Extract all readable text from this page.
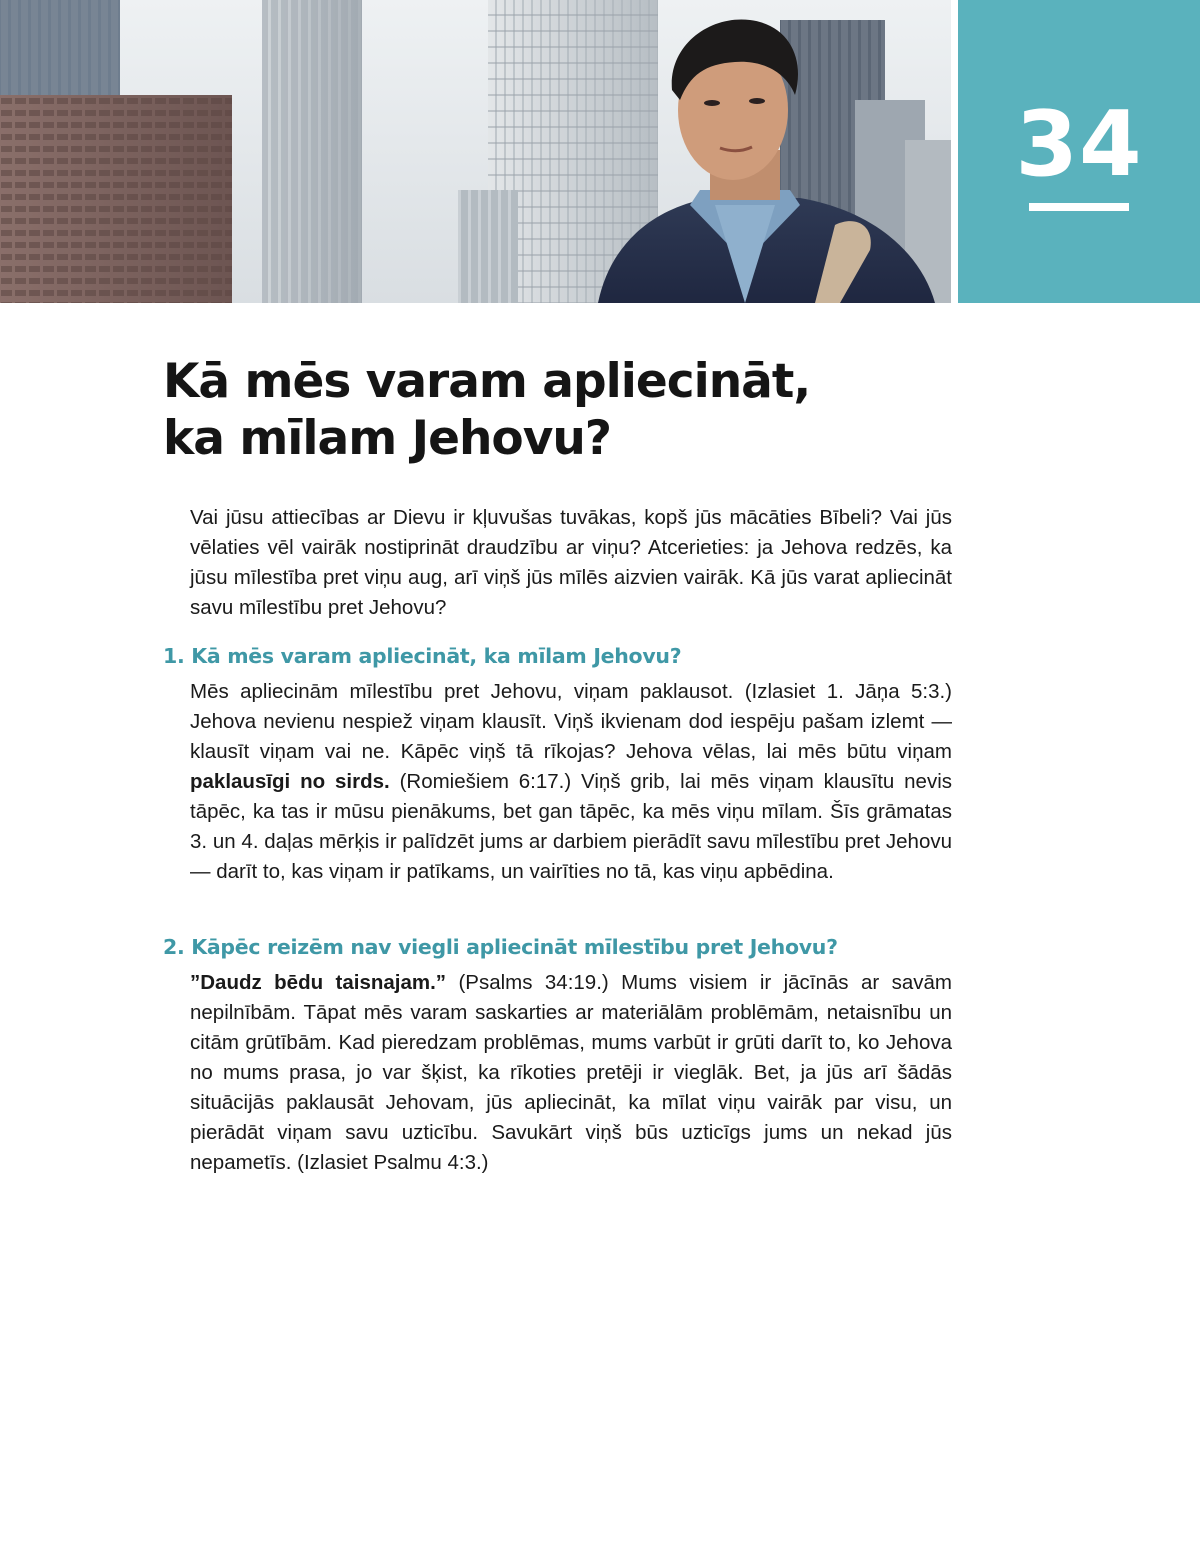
34
Kā mēs varam apliecināt,
ka mīlam Jehovu?

Vai jūsu attiecības ar Dievu ir kļuvušas tuvākas, kopš jūs mācāties Bībeli? Vai jūs vēlaties vēl vairāk nostiprināt draudzību ar viņu? Atcerieties: ja Jehova redzēs, ka jūsu mīlestība pret viņu aug, arī viņš jūs mīlēs aizvien vairāk. Kā jūs varat apliecināt savu mīlestību pret Jehovu?

1. Kā mēs varam apliecināt, ka mīlam Jehovu?

Mēs apliecinām mīlestību pret Jehovu, viņam paklausot. (Izlasiet 1. Jāņa 5:3.) Jehova nevienu nespiež viņam klausīt. Viņš ikvienam dod iespēju pašam izlemt — klausīt viņam vai ne. Kāpēc viņš tā rīkojas? Jehova vēlas, lai mēs būtu viņam paklausīgi no sirds. (Romiešiem 6:17.) Viņš grib, lai mēs viņam klausītu nevis tāpēc, ka tas ir mūsu pienākums, bet gan tāpēc, ka mēs viņu mīlam. Šīs grāmatas 3. un 4. daļas mērķis ir palīdzēt jums ar darbiem pierādīt savu mīlestību pret Jehovu — darīt to, kas viņam ir patīkams, un vairīties no tā, kas viņu apbēdina.

2. Kāpēc reizēm nav viegli apliecināt mīlestību pret Jehovu?

”Daudz bēdu taisnajam.” (Psalms 34:19.) Mums visiem ir jācīnās ar savām nepilnībām. Tāpat mēs varam saskarties ar materiālām problēmām, netaisnību un citām grūtībām. Kad pieredzam problēmas, mums varbūt ir grūti darīt to, ko Jehova no mums prasa, jo var šķist, ka rīkoties pretēji ir vieglāk. Bet, ja jūs arī šādās situācijās paklausāt Jehovam, jūs apliecināt, ka mīlat viņu vairāk par visu, un pierādāt viņam savu uzticību. Savukārt viņš būs uzticīgs jums un nekad jūs nepametīs. (Izlasiet Psalmu 4:3.)
